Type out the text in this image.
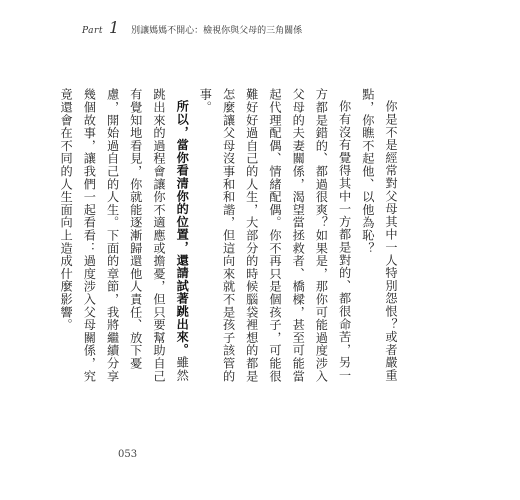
Part 1 別讓媽媽不開心：檢視你與父母的三角關係

你是不是經常對父母其中一人特別怨恨？或者嚴重點，你瞧不起他、以他為恥？

你有沒有覺得其中一方都是對的、都很命苦，另一方都是錯的、都過很爽？如果是，那你可能過度涉入父母的夫妻關係，渴望當拯救者、橋樑，甚至可能當起代理配偶、情緒配偶。你不再只是個孩子，可能很難好好過自己的人生，大部分的時候腦袋裡想的都是怎麼讓父母沒事和和諧，但這向來就不是孩子該管的事。

所以，當你看清你的位置，還請試著跳出來。雖然跳出來的過程會讓你不適應或擔憂，但只要幫助自己有覺知地看見，你就能逐漸歸還他人責任、放下憂慮，開始過自己的人生。下面的章節，我將繼續分享幾個故事，讓我們一起看看：過度涉入父母關係，究竟還會在不同的人生面向上造成什麼影響。

053
